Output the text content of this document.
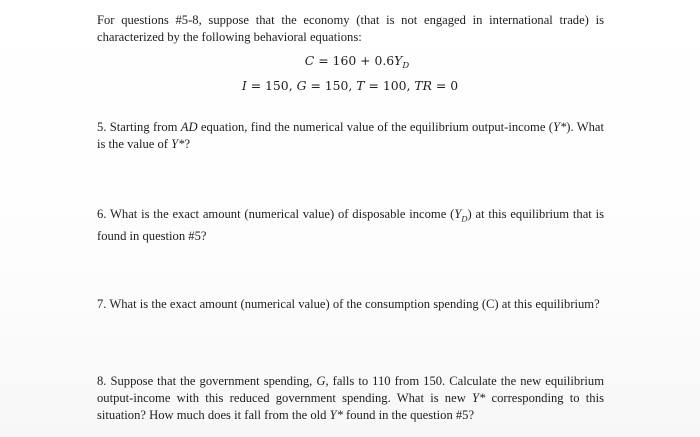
For questions #5-8, suppose that the economy (that is not engaged in international trade) is characterized by the following behavioral equations:

$C = 160 + 0.6Y_D$
I = 150, G = 150, T = 100, TR = 0

5. Starting from AD equation, find the numerical value of the equilibrium output-income (Y*). What is the value of Y*?

6. What is the exact amount (numerical value) of disposable income $(Y_D)$ at this equilibrium that is found in question #5?

7. What is the exact amount (numerical value) of the consumption spending (C) at this equilibrium?

8. Suppose that the government spending, G, falls to 110 from 150. Calculate the new equilibrium output-income with this reduced government spending. What is new Y* corresponding to this situation? How much does it fall from the old Y* found in the question #5?
